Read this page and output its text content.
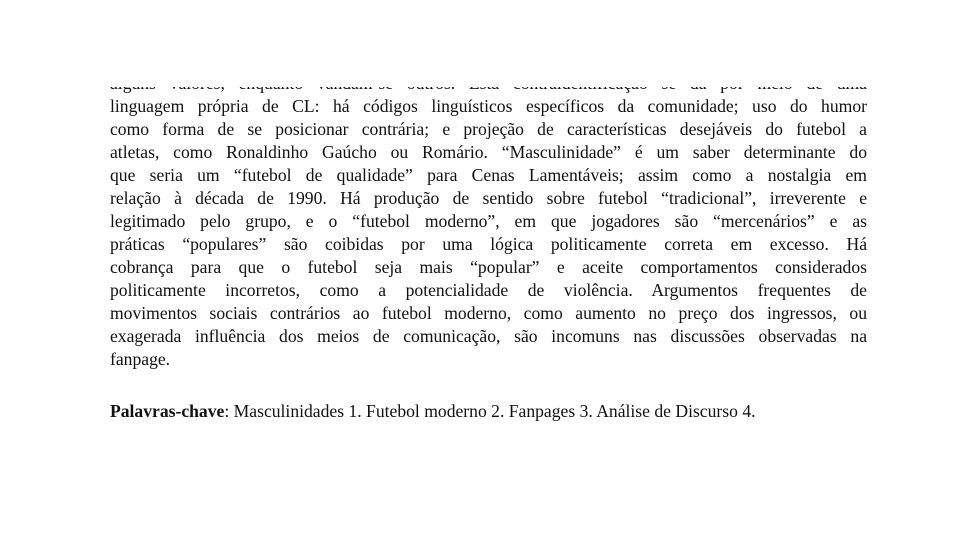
linguagem própria de CL: há códigos linguísticos específicos da comunidade; uso do humor
como forma de se posicionar contrária; e projeção de características desejáveis do futebol a
atletas, como Ronaldinho Gaúcho ou Romário. “Masculinidade” é um saber determinante do
que seria um “futebol de qualidade” para Cenas Lamentáveis; assim como a nostalgia em
relação à década de 1990. Há produção de sentido sobre futebol “tradicional”, irreverente e
legitimado pelo grupo, e o “futebol moderno”, em que jogadores são “mercenários” e as
práticas “populares” são coibidas por uma lógica politicamente correta em excesso. Há
cobrança para que o futebol seja mais “popular” e aceite comportamentos considerados
politicamente incorretos, como a potencialidade de violência. Argumentos frequentes de
movimentos sociais contrários ao futebol moderno, como aumento no preço dos ingressos, ou
exagerada influência dos meios de comunicação, são incomuns nas discussões observadas na
fanpage.
Palavras-chave: Masculinidades 1. Futebol moderno 2. Fanpages 3. Análise de Discurso 4.
